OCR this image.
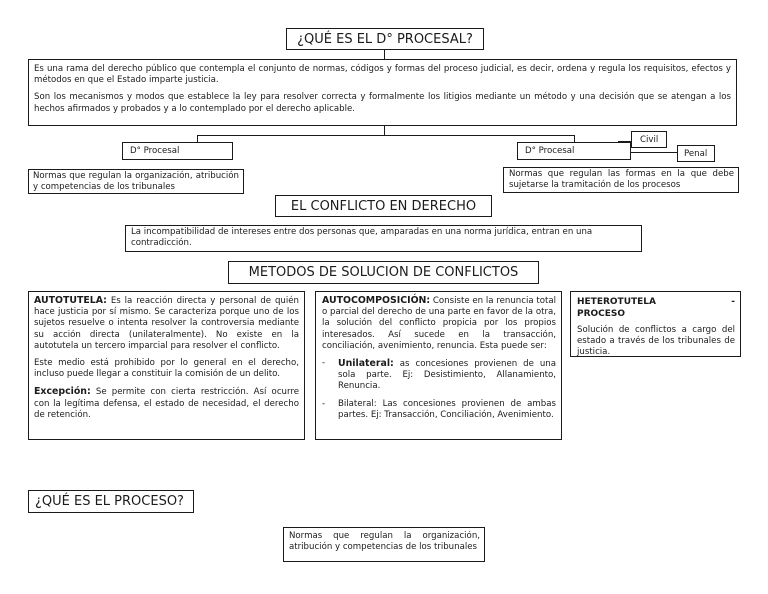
¿QUÉ ES EL D° PROCESAL?

Es una rama del derecho público que contempla el conjunto de normas, códigos y formas del proceso judicial, es decir, ordena y regula los requisitos, efectos y métodos en que el Estado imparte justicia.

Son los mecanismos y modos que establece la ley para resolver correcta y formalmente los litigios mediante un método y una decisión que se atengan a los hechos afirmados y probados y a lo contemplado por el derecho aplicable.

D° Procesal
Normas que regulan la organización, atribución y competencias de los tribunales
D° Procesal
Civil
Penal
Normas que regulan las formas en la que debe sujetarse la tramitación de los procesos
EL CONFLICTO EN DERECHO
La incompatibilidad de intereses entre dos personas que, amparadas en una norma jurídica, entran en una contradicción.
METODOS DE SOLUCION DE CONFLICTOS

AUTOTUTELA: Es la reacción directa y personal de quién hace justicia por sí mismo. Se caracteriza porque uno de los sujetos resuelve o intenta resolver la controversia mediante su acción directa (unilateralmente). No existe en la autotutela un tercero imparcial para resolver el conflicto.

Este medio está prohibido por lo general en el derecho, incluso puede llegar a constituir la comisión de un delito.

Excepción: Se permite con cierta restricción. Así ocurre con la legítima defensa, el estado de necesidad, el derecho de retención.

AUTOCOMPOSICIÓN: Consiste en la renuncia total o parcial del derecho de una parte en favor de la otra, la solución del conflicto propicia por los propios interesados. Así sucede en la transacción, conciliación, avenimiento, renuncia. Esta puede ser:

- Unilateral: as concesiones provienen de una sola parte. Ej: Desistimiento, Allanamiento, Renuncia.
- Bilateral: Las concesiones provienen de ambas partes. Ej: Transacción, Conciliación, Avenimiento.
HETEROTUTELA	-
PROCESO
Solución de conflictos a cargo del estado a través de los tribunales de justicia.
¿QUÉ ES EL PROCESO?
Normas que regulan la organización, atribución y competencias de los tribunales
